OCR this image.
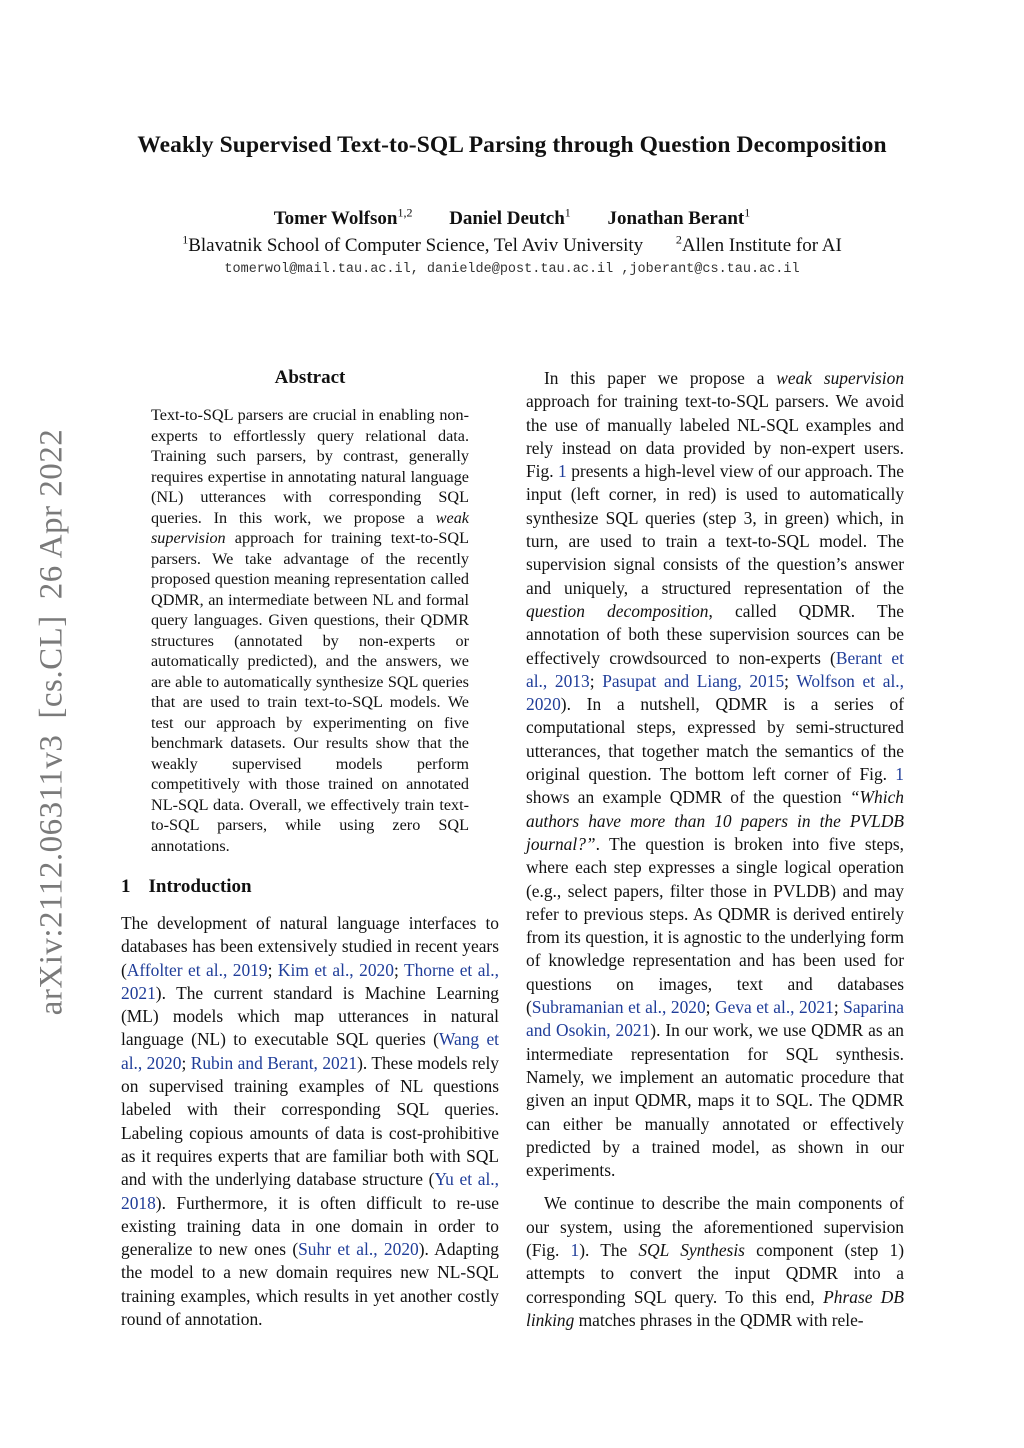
arXiv:2112.06311v3[cs.CL]26 Apr 2022
Weakly Supervised Text-to-SQL Parsing through Question Decomposition
Tomer Wolfson$^{1,2}$ Daniel Deutch$^1$ Jonathan Berant$^1$
$^1$Blavatnik School of Computer Science, Tel Aviv University	$^2$Allen Institute for AI
tomerwol@mail.tau.ac.il, danielde@post.tau.ac.il ,joberant@cs.tau.ac.il
Abstract
Text-to-SQL parsers are crucial in enabling non-experts to effortlessly query relational data. Training such parsers, by contrast, generally requires expertise in annotating natural language (NL) utterances with corresponding SQL queries. In this work, we propose a weak supervision approach for training text-to-SQL parsers. We take advantage of the recently proposed question meaning representation called QDMR, an intermediate between NL and formal query languages. Given questions, their QDMR structures (annotated by non-experts or automatically predicted), and the answers, we are able to automatically synthesize SQL queries that are used to train text-to-SQL models. We test our approach by experimenting on five benchmark datasets. Our results show that the weakly supervised models perform competitively with those trained on annotated NL-SQL data. Overall, we effectively train text-to-SQL parsers, while using zero SQL annotations.
1 Introduction

The development of natural language interfaces to databases has been extensively studied in recent years (Affolter et al., 2019; Kim et al., 2020; Thorne et al., 2021). The current standard is Machine Learning (ML) models which map utterances in natural language (NL) to executable SQL queries (Wang et al., 2020; Rubin and Berant, 2021). These models rely on supervised training examples of NL questions labeled with their corresponding SQL queries. Labeling copious amounts of data is cost-prohibitive as it requires experts that are familiar both with SQL and with the underlying database structure (Yu et al., 2018). Furthermore, it is often difficult to re-use existing training data in one domain in order to generalize to new ones (Suhr et al., 2020). Adapting the model to a new domain requires new NL-SQL training examples, which results in yet another costly round of annotation.

In this paper we propose a weak supervision approach for training text-to-SQL parsers. We avoid the use of manually labeled NL-SQL examples and rely instead on data provided by non-expert users. Fig. 1 presents a high-level view of our approach. The input (left corner, in red) is used to automatically synthesize SQL queries (step 3, in green) which, in turn, are used to train a text-to-SQL model. The supervision signal consists of the question’s answer and uniquely, a structured representation of the question decomposition, called QDMR. The annotation of both these supervision sources can be effectively crowdsourced to non-experts (Berant et al., 2013; Pasupat and Liang, 2015; Wolfson et al., 2020). In a nutshell, QDMR is a series of computational steps, expressed by semi-structured utterances, that together match the semantics of the original question. The bottom left corner of Fig. 1 shows an example QDMR of the question “Which authors have more than 10 papers in the PVLDB journal?”. The question is broken into five steps, where each step expresses a single logical operation (e.g., select papers, filter those in PVLDB) and may refer to previous steps. As QDMR is derived entirely from its question, it is agnostic to the underlying form of knowledge representation and has been used for questions on images, text and databases (Subramanian et al., 2020; Geva et al., 2021; Saparina and Osokin, 2021). In our work, we use QDMR as an intermediate representation for SQL synthesis. Namely, we implement an automatic procedure that given an input QDMR, maps it to SQL. The QDMR can either be manually annotated or effectively predicted by a trained model, as shown in our experiments.

We continue to describe the main components of our system, using the aforementioned supervision (Fig. 1). The SQL Synthesis component (step 1) attempts to convert the input QDMR into a corresponding SQL query. To this end, Phrase DB linking matches phrases in the QDMR with rele-
